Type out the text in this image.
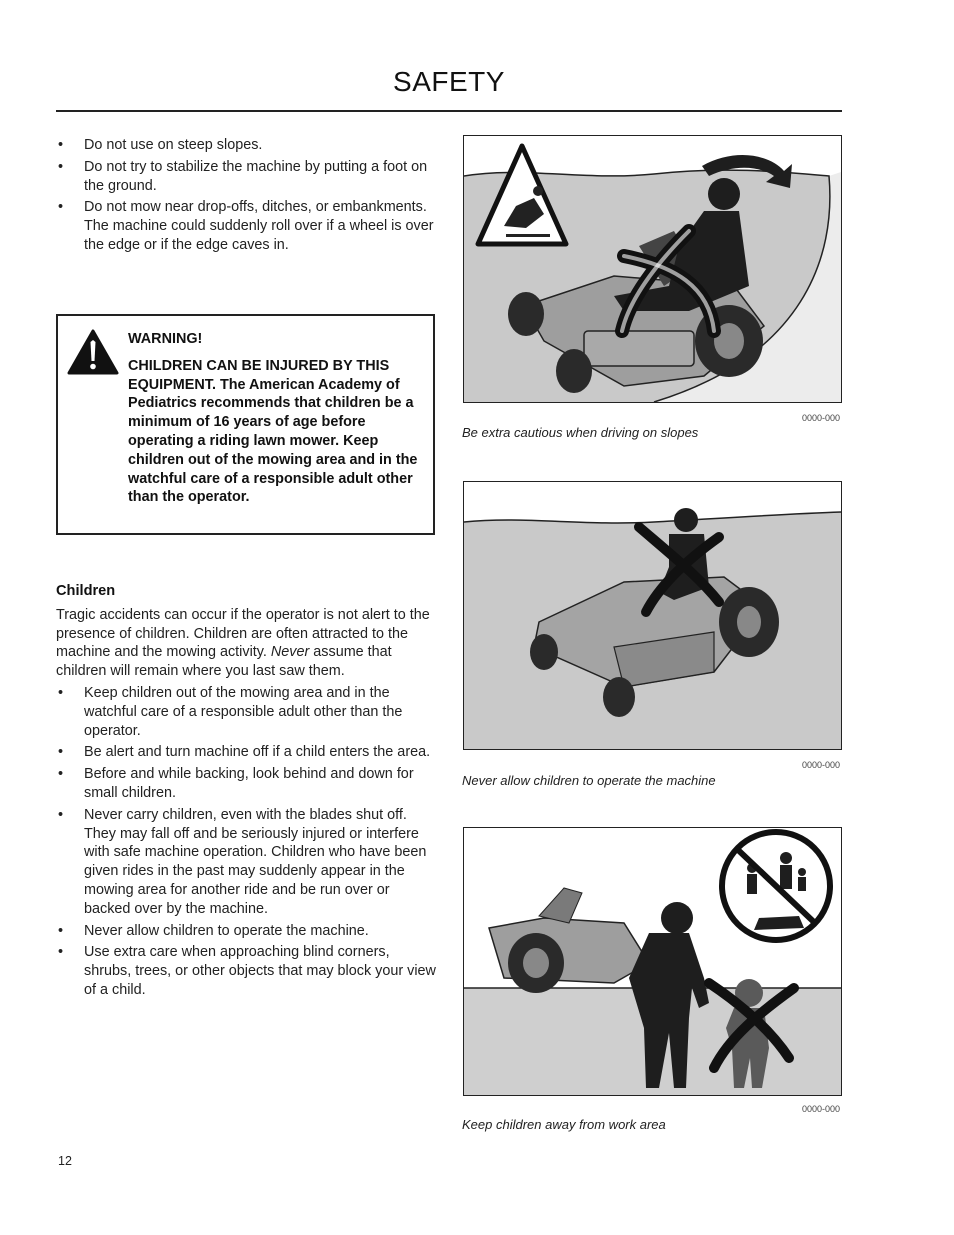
SAFETY
• Do not use on steep slopes.
• Do not try to stabilize the machine by putting a foot on the ground.
• Do not mow near drop-offs, ditches, or embankments. The machine could suddenly roll over if a wheel is over the edge or if the edge caves in.
WARNING!
CHILDREN CAN BE INJURED BY THIS EQUIPMENT. The American Academy of Pediatrics recommends that children be a minimum of 16 years of age before operating a riding lawn mower. Keep children out of the mowing area and in the watchful care of a responsible adult other than the operator.
Children

Tragic accidents can occur if the operator is not alert to the presence of children. Children are often attracted to the machine and the mowing activity. Never assume that children will remain where you last saw them.

• Keep children out of the mowing area and in the watchful care of a responsible adult other than the operator.
• Be alert and turn machine off if a child enters the area.
• Before and while backing, look behind and down for small children.
• Never carry children, even with the blades shut off. They may fall off and be seriously injured or interfere with safe machine operation. Children who have been given rides in the past may suddenly appear in the mowing area for another ride and be run over or backed over by the machine.
• Never allow children to operate the machine.
• Use extra care when approaching blind corners, shrubs, trees, or other objects that may block your view of a child.
0000-000
Be extra cautious when driving on slopes
0000-000
Never allow children to operate the machine
0000-000
Keep children away from work area
12
